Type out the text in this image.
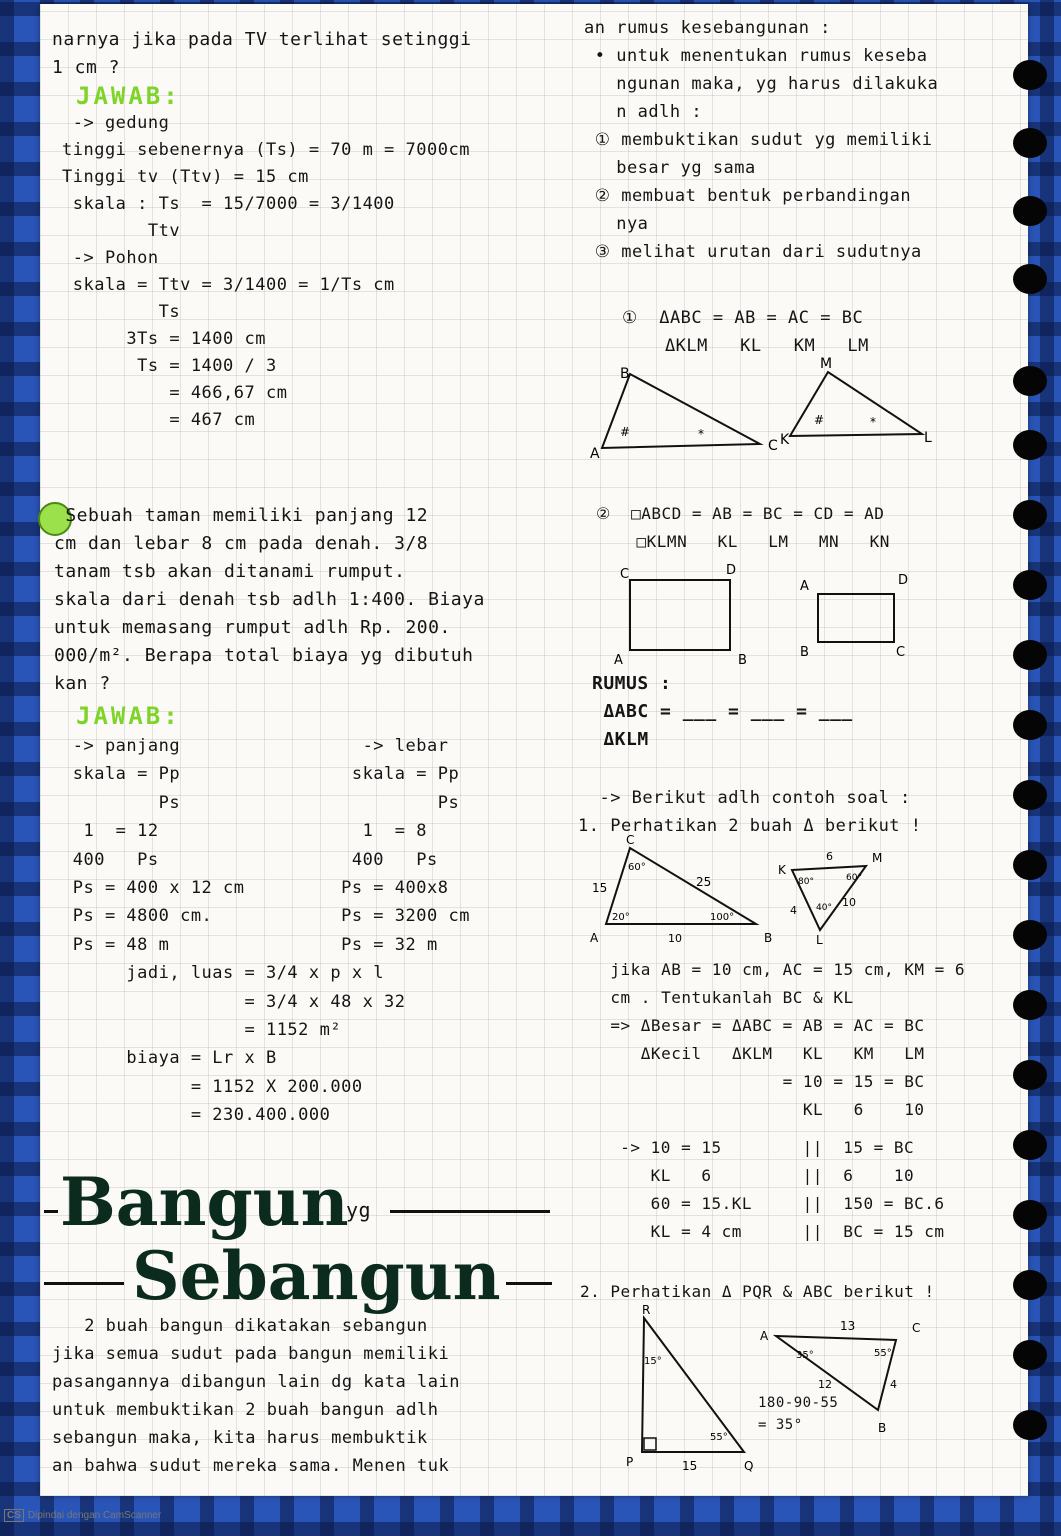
narnya jika pada TV terlihat setinggi
1 cm ?
JAWAB:
-> gedung
tinggi sebenernya (Ts) = 70 m = 7000cm
Tinggi tv (Ttv) = 15 cm
skala : Ts  = 15/7000 = 3/1400
Ttv
-> Pohon
skala = Ttv = 3/1400 = 1/Ts cm
Ts
3Ts = 1400 cm
Ts = 1400 / 3
= 466,67 cm
= 467 cm
Sebuah taman memiliki panjang 12
cm dan lebar 8 cm pada denah. 3/8
tanam tsb akan ditanami rumput.
skala dari denah tsb adlh 1:400. Biaya
untuk memasang rumput adlh Rp. 200.
000/m². Berapa total biaya yg dibutuh
kan ?
JAWAB:
-> panjang                 -> lebar
skala = Pp                skala = Pp
Ps                        Ps
1  = 12                   1  = 8
400   Ps                  400   Ps
Ps = 400 x 12 cm         Ps = 400x8
Ps = 4800 cm.            Ps = 3200 cm
Ps = 48 m                Ps = 32 m
jadi, luas = 3/4 x p x l
= 3/4 x 48 x 32
= 1152 m²
biaya = Lr x B
= 1152 X 200.000
= 230.400.000
Bangun
yg
Sebangun
2 buah bangun dikatakan sebangun
jika semua sudut pada bangun memiliki
pasangannya dibangun lain dg kata lain
untuk membuktikan 2 buah bangun adlh
sebangun maka, kita harus membuktik
an bahwa sudut mereka sama. Menen tuk
an rumus kesebangunan :
• untuk menentukan rumus keseba
ngunan maka, yg harus dilakuka
n adlh :
① membuktikan sudut yg memiliki
besar yg sama
② membuat bentuk perbandingan
nya
③ melihat urutan dari sudutnya
①  ΔABC = AB = AC = BC
ΔKLM   KL   KM   LM
A
B
C K
M
L
#	*
#	*
②  □ABCD = AB = BC = CD = AD
□KLMN   KL   LM   MN   KN
C	D
A	B
A	D
B	C
RUMUS :
ΔABC = ___ = ___ = ___
ΔKLM
-> Berikut adlh contoh soal :
1. Perhatikan 2 buah Δ berikut !
C
A	B
15	25
10
60°
20°	100°
K
M
L
6
4
10
80°	60°
40°
jika AB = 10 cm, AC = 15 cm, KM = 6
cm . Tentukanlah BC & KL
=> ΔBesar = ΔABC = AB = AC = BC
ΔKecil   ΔKLM   KL   KM   LM
= 10 = 15 = BC
KL   6    10
-> 10 = 15        ||  15 = BC
KL   6         ||  6    10
60 = 15.KL     ||  150 = BC.6
KL = 4 cm      ||  BC = 15 cm
2. Perhatikan Δ PQR & ABC berikut !
R
P	Q
15°
15
55°
A
C
B
13
35°
12
55°
4
180-90-55
= 35°
CS Dipindai dengan CamScanner
